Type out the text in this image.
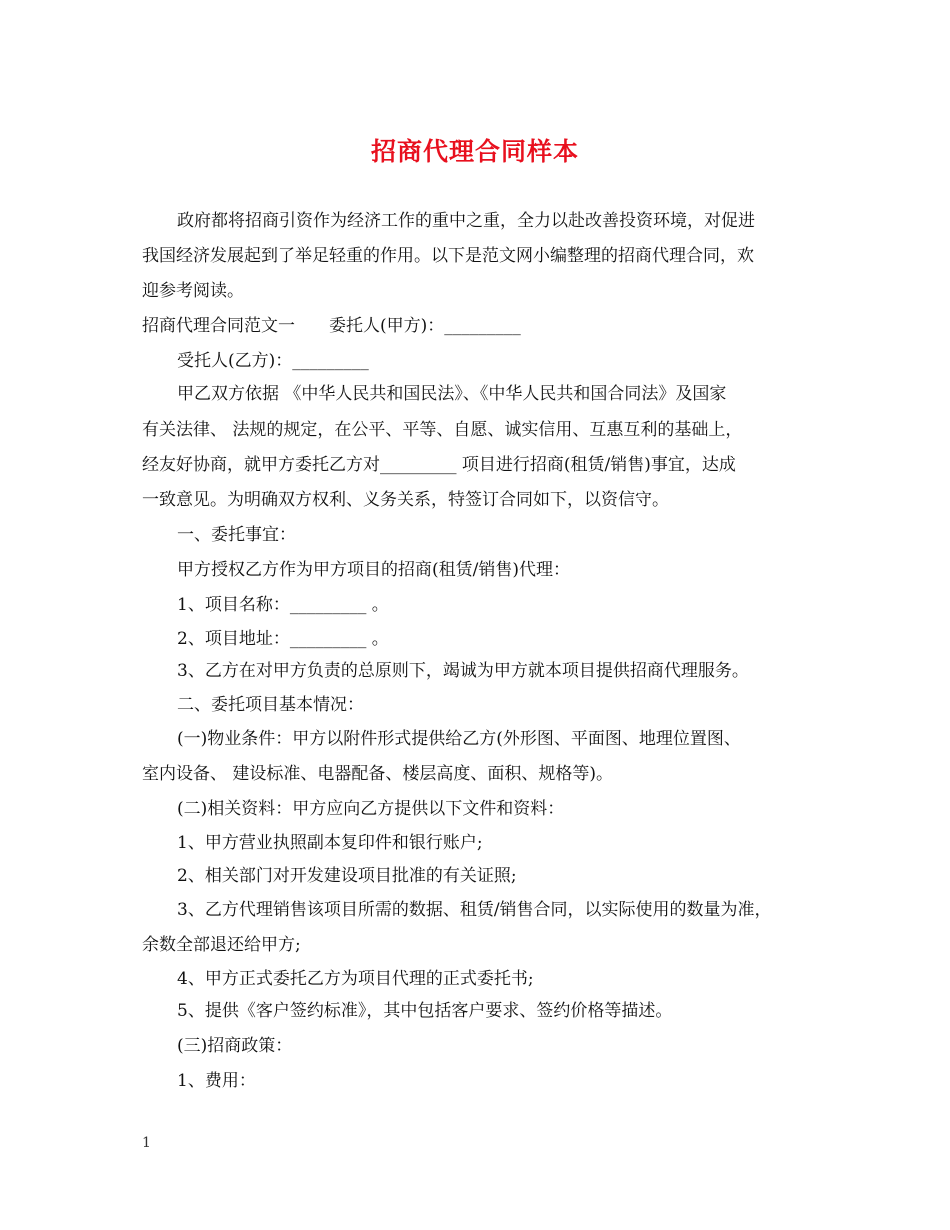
招商代理合同样本
政府都将招商引资作为经济工作的重中之重，全力以赴改善投资环境，对促进
我国经济发展起到了举足轻重的作用。以下是范文网小编整理的招商代理合同，欢
迎参考阅读。
招商代理合同范文一　　委托人(甲方)：_________
受托人(乙方)：_________
甲乙双方依据 《中华人民共和国民法》、《中华人民共和国合同法》及国家
有关法律、 法规的规定，在公平、平等、自愿、诚实信用、互惠互利的基础上，
经友好协商，就甲方委托乙方对_________ 项目进行招商(租赁/销售)事宜，达成
一致意见。为明确双方权利、义务关系，特签订合同如下，以资信守。
一、委托事宜：
甲方授权乙方作为甲方项目的招商(租赁/销售)代理：
1、项目名称：_________ 。
2、项目地址：_________ 。
3、乙方在对甲方负责的总原则下，竭诚为甲方就本项目提供招商代理服务。
二、委托项目基本情况：
(一)物业条件：甲方以附件形式提供给乙方(外形图、平面图、地理位置图、
室内设备、 建设标准、电器配备、楼层高度、面积、规格等)。
(二)相关资料：甲方应向乙方提供以下文件和资料：
1、甲方营业执照副本复印件和银行账户;
2、相关部门对开发建设项目批准的有关证照;
3、乙方代理销售该项目所需的数据、租赁/销售合同，以实际使用的数量为准，
余数全部退还给甲方;
4、甲方正式委托乙方为项目代理的正式委托书;
5、提供《客户签约标准》，其中包括客户要求、签约价格等描述。
(三)招商政策：
1、费用：
1
